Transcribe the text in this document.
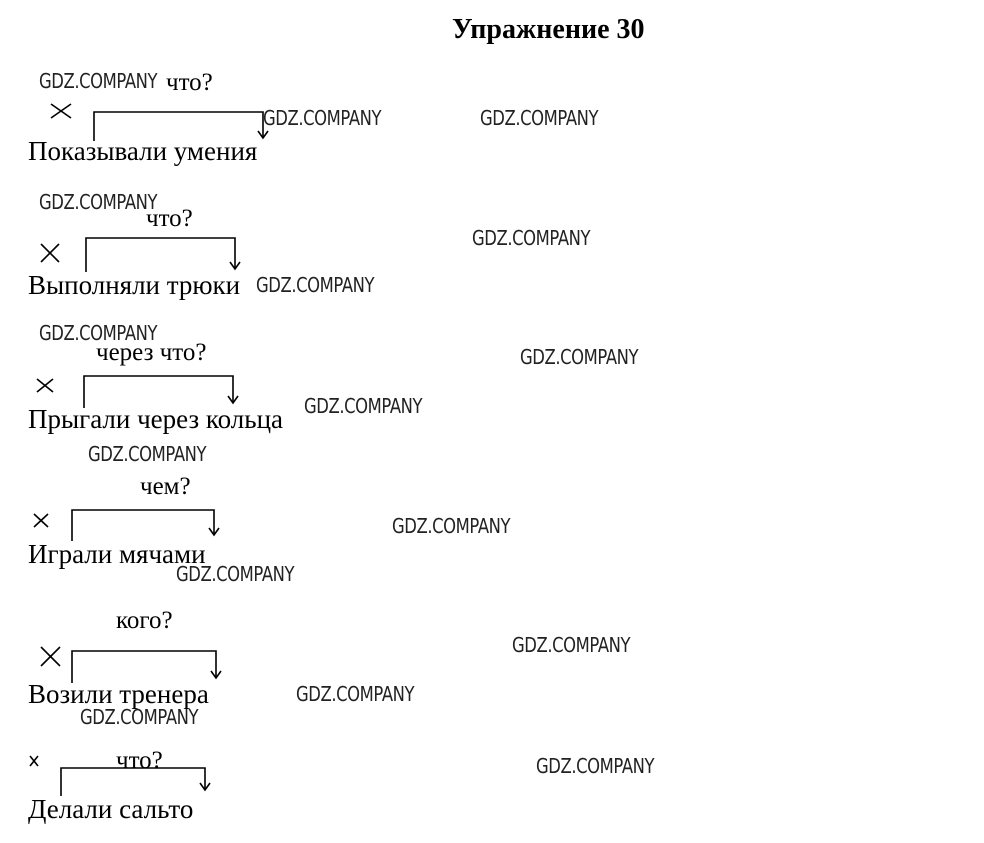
Упражнение 30
что?
Показывали умения
что?
Выполняли трюки
через что?
Прыгали через кольца
чем?
Играли мячами
кого?
Возили тренера
что?
Делали сальто
GDZ.COMPANY
GDZ.COMPANY	GDZ.COMPANY
GDZ.COMPANY
GDZ.COMPANY
GDZ.COMPANY
GDZ.COMPANY
GDZ.COMPANY
GDZ.COMPANY
GDZ.COMPANY
GDZ.COMPANY
GDZ.COMPANY
GDZ.COMPANY
GDZ.COMPANY
GDZ.COMPANY
GDZ.COMPANY
